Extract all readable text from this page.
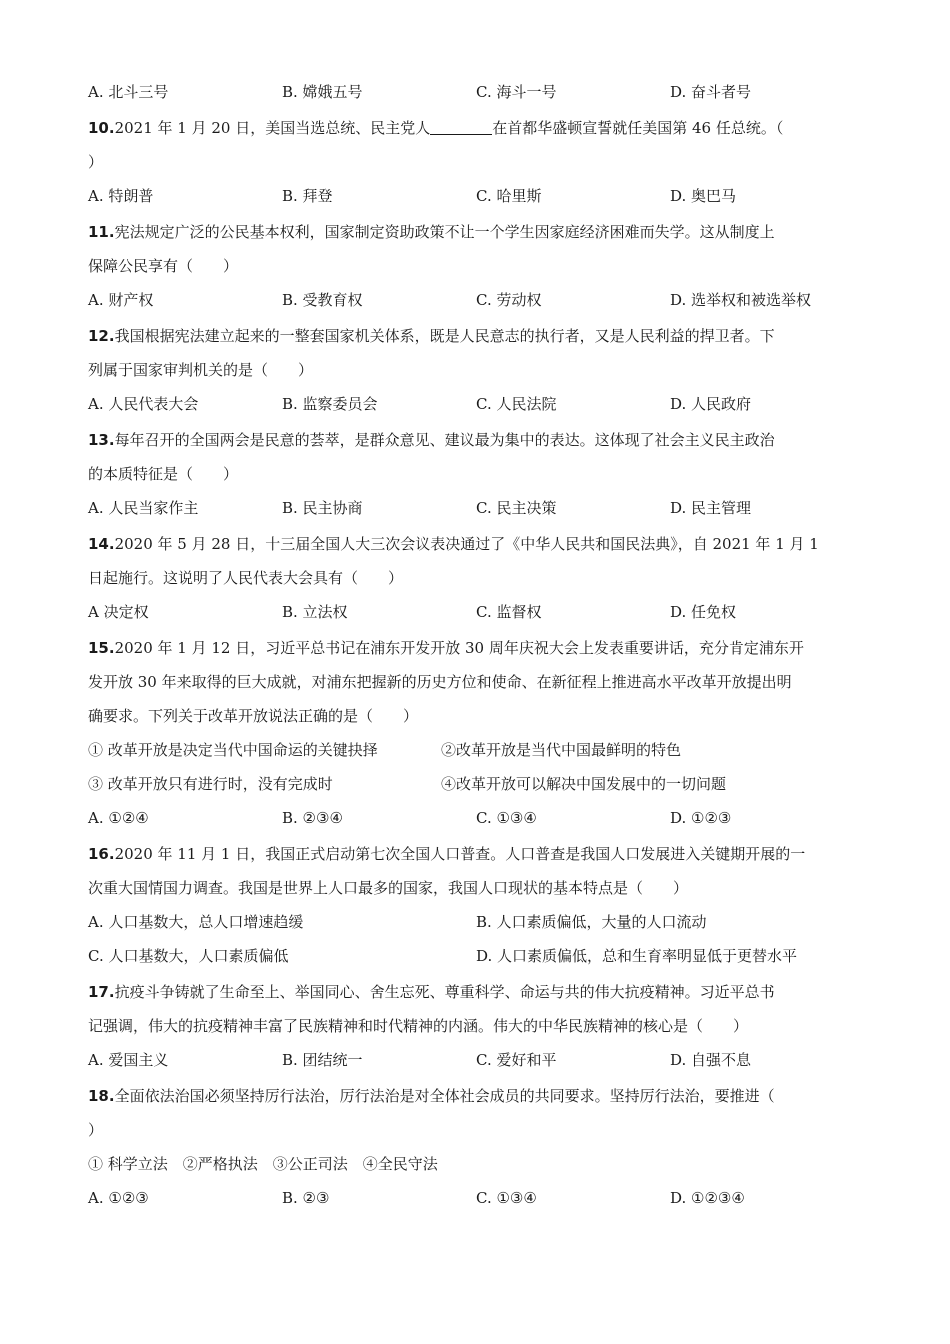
A. 北斗三号	B. 嫦娥五号	C. 海斗一号	D. 奋斗者号
10.2021 年 1 月 20 日，美国当选总统、民主党人	在首都华盛顿宣誓就任美国第 46 任总统。（
）
A. 特朗普	B. 拜登	C. 哈里斯	D. 奥巴马
11.宪法规定广泛的公民基本权利，国家制定资助政策不让一个学生因家庭经济困难而失学。这从制度上
保障公民享有（　　）
A. 财产权	B. 受教育权	C. 劳动权	D. 选举权和被选举权
12.我国根据宪法建立起来的一整套国家机关体系，既是人民意志的执行者，又是人民利益的捍卫者。下
列属于国家审判机关的是（　　）
A. 人民代表大会	B. 监察委员会	C. 人民法院	D. 人民政府
13.每年召开的全国两会是民意的荟萃，是群众意见、建议最为集中的表达。这体现了社会主义民主政治
的本质特征是（　　）
A. 人民当家作主	B. 民主协商	C. 民主决策	D. 民主管理
14.2020 年 5 月 28 日，十三届全国人大三次会议表决通过了《中华人民共和国民法典》，自 2021 年 1 月 1
日起施行。这说明了人民代表大会具有（　　）
A 决定权	B. 立法权	C. 监督权	D. 任免权
15.2020 年 1 月 12 日，习近平总书记在浦东开发开放 30 周年庆祝大会上发表重要讲话，充分肯定浦东开
发开放 30 年来取得的巨大成就，对浦东把握新的历史方位和使命、在新征程上推进高水平改革开放提出明
确要求。下列关于改革开放说法正确的是（　　）
① 改革开放是决定当代中国命运的关键抉择	②改革开放是当代中国最鲜明的特色
③ 改革开放只有进行时，没有完成时	④改革开放可以解决中国发展中的一切问题
A. ①②④	B. ②③④	C. ①③④	D. ①②③
16.2020 年 11 月 1 日，我国正式启动第七次全国人口普查。人口普查是我国人口发展进入关键期开展的一
次重大国情国力调查。我国是世界上人口最多的国家，我国人口现状的基本特点是（　　）
A. 人口基数大，总人口增速趋缓	B. 人口素质偏低，大量的人口流动
C. 人口基数大，人口素质偏低	D. 人口素质偏低，总和生育率明显低于更替水平
17.抗疫斗争铸就了生命至上、举国同心、舍生忘死、尊重科学、命运与共的伟大抗疫精神。习近平总书
记强调，伟大的抗疫精神丰富了民族精神和时代精神的内涵。伟大的中华民族精神的核心是（　　）
A. 爱国主义	B. 团结统一	C. 爱好和平	D. 自强不息
18.全面依法治国必须坚持厉行法治，厉行法治是对全体社会成员的共同要求。坚持厉行法治，要推进（
）
① 科学立法　②严格执法　③公正司法　④全民守法
A. ①②③	B. ②③	C. ①③④	D. ①②③④
